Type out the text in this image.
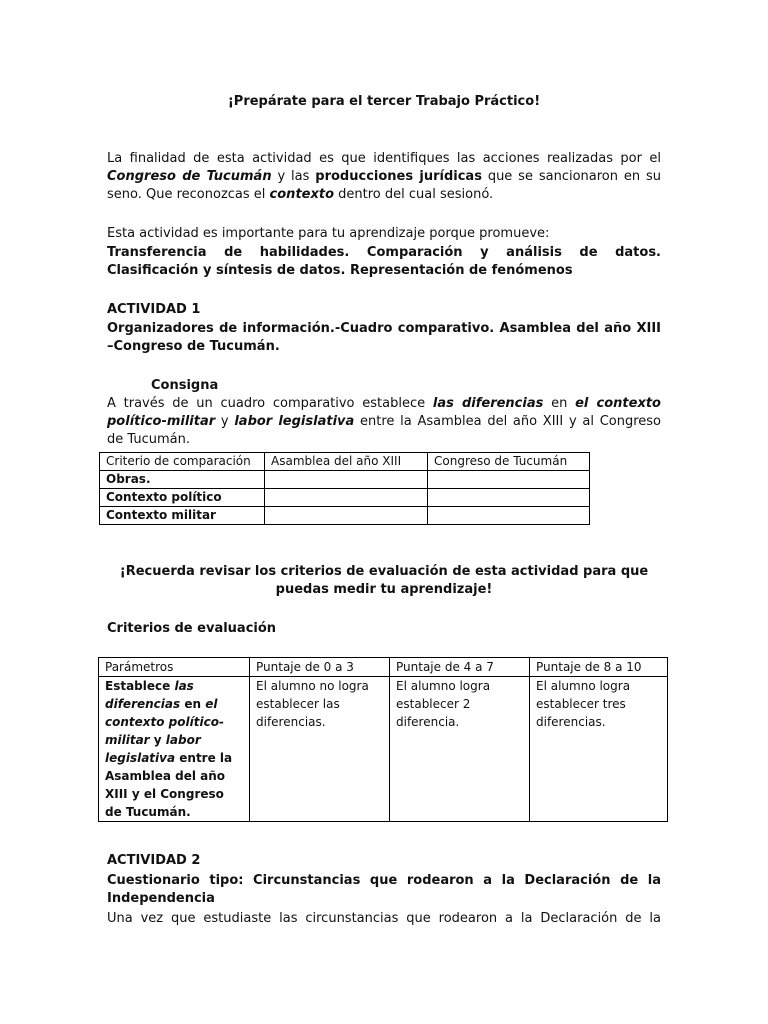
¡Prepárate para el tercer Trabajo Práctico!

La finalidad de esta actividad es que identifiques las acciones realizadas por el Congreso de Tucumán y las producciones jurídicas que se sancionaron en su seno. Que reconozcas el contexto dentro del cual sesionó.

Esta actividad es importante para tu aprendizaje porque promueve:

Transferencia de habilidades. Comparación y análisis de datos. Clasificación y síntesis de datos. Representación de fenómenos

ACTIVIDAD 1

Organizadores de información.-Cuadro comparativo. Asamblea del año XIII –Congreso de Tucumán.

Consigna

A través de un cuadro comparativo establece las diferencias en el contexto político-militar y labor legislativa entre la Asamblea del año XIII y al Congreso de Tucumán.

Criterio de comparación	Asamblea del año XIII	Congreso de Tucumán
Obras.		
Contexto político		
Contexto militar		

¡Recuerda revisar los criterios de evaluación de esta actividad para que puedas medir tu aprendizaje!

Criterios de evaluación

Parámetros	Puntaje de 0 a 3	Puntaje de 4 a 7	Puntaje de 8 a 10
Establece las diferencias en el contexto político-militar y labor legislativa entre la Asamblea del año XIII y el Congreso de Tucumán.	El alumno no logra establecer las diferencias.	El alumno logra establecer 2 diferencia.	El alumno logra establecer tres diferencias.

ACTIVIDAD 2

Cuestionario tipo: Circunstancias que rodearon a la Declaración de la Independencia

Una vez que estudiaste las circunstancias que rodearon a la Declaración de la
